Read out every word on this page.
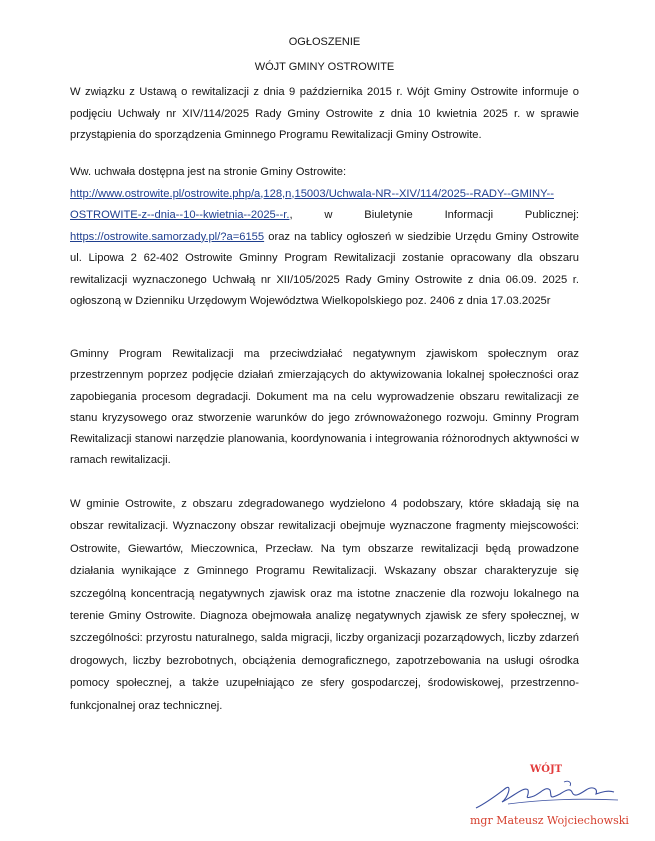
OGŁOSZENIE

WÓJT GMINY OSTROWITE

W związku z Ustawą o rewitalizacji z dnia 9 października 2015 r. Wójt Gminy Ostrowite informuje o podjęciu Uchwały nr XIV/114/2025 Rady Gminy Ostrowite z dnia 10 kwietnia 2025 r. w sprawie przystąpienia do sporządzenia Gminnego Programu Rewitalizacji Gminy Ostrowite.

Ww. uchwała dostępna jest na stronie Gminy Ostrowite:
http://www.ostrowite.pl/ostrowite.php/a,128,n,15003/Uchwala-NR--XIV/114/2025--RADY--GMINY--OSTROWITE-z--dnia--10--kwietnia--2025--r., w Biuletynie Informacji Publicznej: https://ostrowite.samorzady.pl/?a=6155 oraz na tablicy ogłoszeń w siedzibie Urzędu Gminy Ostrowite ul. Lipowa 2 62-402 Ostrowite Gminny Program Rewitalizacji zostanie opracowany dla obszaru rewitalizacji wyznaczonego Uchwałą nr XII/105/2025 Rady Gminy Ostrowite z dnia 06.09. 2025 r. ogłoszoną w Dzienniku Urzędowym Województwa Wielkopolskiego poz. 2406 z dnia 17.03.2025r

Gminny Program Rewitalizacji ma przeciwdziałać negatywnym zjawiskom społecznym oraz przestrzennym poprzez podjęcie działań zmierzających do aktywizowania lokalnej społeczności oraz zapobiegania procesom degradacji. Dokument ma na celu wyprowadzenie obszaru rewitalizacji ze stanu kryzysowego oraz stworzenie warunków do jego zrównoważonego rozwoju. Gminny Program Rewitalizacji stanowi narzędzie planowania, koordynowania i integrowania różnorodnych aktywności w ramach rewitalizacji.

W gminie Ostrowite, z obszaru zdegradowanego wydzielono 4 podobszary, które składają się na obszar rewitalizacji. Wyznaczony obszar rewitalizacji obejmuje wyznaczone fragmenty miejscowości: Ostrowite, Giewartów, Mieczownica, Przecław. Na tym obszarze rewitalizacji będą prowadzone działania wynikające z Gminnego Programu Rewitalizacji. Wskazany obszar charakteryzuje się szczególną koncentracją negatywnych zjawisk oraz ma istotne znaczenie dla rozwoju lokalnego na terenie Gminy Ostrowite. Diagnoza obejmowała analizę negatywnych zjawisk ze sfery społecznej, w szczególności: przyrostu naturalnego, salda migracji, liczby organizacji pozarządowych, liczby zdarzeń drogowych, liczby bezrobotnych, obciążenia demograficznego, zapotrzebowania na usługi ośrodka pomocy społecznej, a także uzupełniająco ze sfery gospodarczej, środowiskowej, przestrzenno-funkcjonalnej oraz technicznej.

WÓJT

mgr Mateusz Wojciechowski
